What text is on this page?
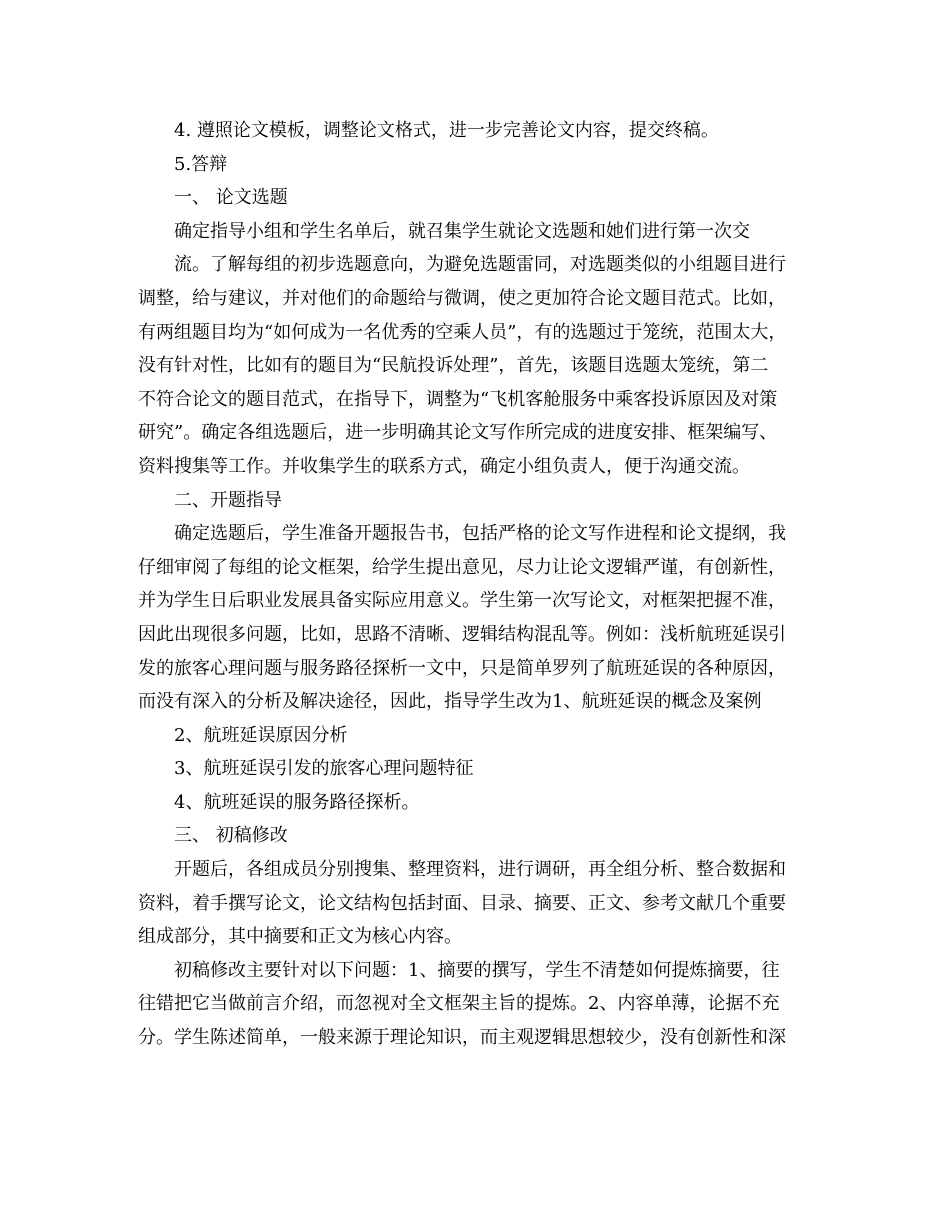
4. 遵照论文模板，调整论文格式，进一步完善论文内容，提交终稿。
5.答辩
一、 论文选题
确定指导小组和学生名单后，就召集学生就论文选题和她们进行第一次交
流。了解每组的初步选题意向，为避免选题雷同，对选题类似的小组题目进行
调整，给与建议，并对他们的命题给与微调，使之更加符合论文题目范式。比如，
有两组题目均为“如何成为一名优秀的空乘人员”，有的选题过于笼统，范围太大，
没有针对性，比如有的题目为“民航投诉处理”，首先，该题目选题太笼统，第二
不符合论文的题目范式，在指导下，调整为“飞机客舱服务中乘客投诉原因及对策
研究”。确定各组选题后，进一步明确其论文写作所完成的进度安排、框架编写、
资料搜集等工作。并收集学生的联系方式，确定小组负责人，便于沟通交流。
二、开题指导
确定选题后，学生准备开题报告书，包括严格的论文写作进程和论文提纲，我
仔细审阅了每组的论文框架，给学生提出意见，尽力让论文逻辑严谨，有创新性，
并为学生日后职业发展具备实际应用意义。学生第一次写论文，对框架把握不准，
因此出现很多问题，比如，思路不清晰、逻辑结构混乱等。例如：浅析航班延误引
发的旅客心理问题与服务路径探析一文中，只是简单罗列了航班延误的各种原因，
而没有深入的分析及解决途径，因此，指导学生改为1、航班延误的概念及案例
2、航班延误原因分析
3、航班延误引发的旅客心理问题特征
4、航班延误的服务路径探析。
三、 初稿修改
开题后，各组成员分别搜集、整理资料，进行调研，再全组分析、整合数据和
资料，着手撰写论文，论文结构包括封面、目录、摘要、正文、参考文献几个重要
组成部分，其中摘要和正文为核心内容。
初稿修改主要针对以下问题：1、摘要的撰写，学生不清楚如何提炼摘要，往
往错把它当做前言介绍，而忽视对全文框架主旨的提炼。2、内容单薄，论据不充
分。学生陈述简单，一般来源于理论知识，而主观逻辑思想较少，没有创新性和深
